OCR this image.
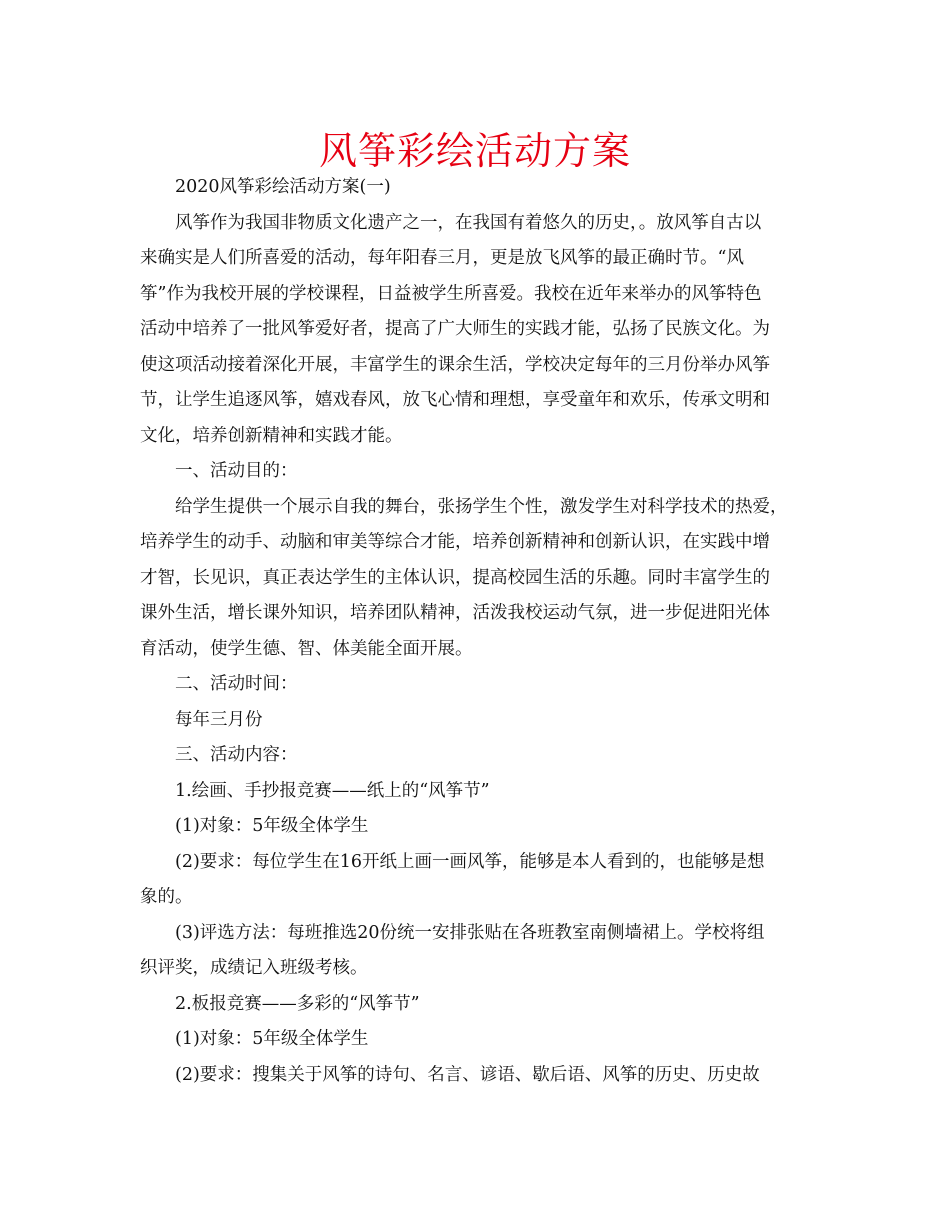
风筝彩绘活动方案

2020风筝彩绘活动方案(一)

风筝作为我国非物质文化遗产之一，在我国有着悠久的历史，。放风筝自古以
来确实是人们所喜爱的活动，每年阳春三月，更是放飞风筝的最正确时节。“风
筝”作为我校开展的学校课程，日益被学生所喜爱。我校在近年来举办的风筝特色
活动中培养了一批风筝爱好者，提高了广大师生的实践才能，弘扬了民族文化。为
使这项活动接着深化开展，丰富学生的课余生活，学校决定每年的三月份举办风筝
节，让学生追逐风筝，嬉戏春风，放飞心情和理想，享受童年和欢乐，传承文明和
文化，培养创新精神和实践才能。

一、活动目的：

给学生提供一个展示自我的舞台，张扬学生个性，激发学生对科学技术的热爱，
培养学生的动手、动脑和审美等综合才能，培养创新精神和创新认识，在实践中增
才智，长见识，真正表达学生的主体认识，提高校园生活的乐趣。同时丰富学生的
课外生活，增长课外知识，培养团队精神，活泼我校运动气氛，进一步促进阳光体
育活动，使学生德、智、体美能全面开展。

二、活动时间：

每年三月份

三、活动内容：

1.绘画、手抄报竞赛——纸上的“风筝节”

(1)对象：5年级全体学生

(2)要求：每位学生在16开纸上画一画风筝，能够是本人看到的，也能够是想
象的。

(3)评选方法：每班推选20份统一安排张贴在各班教室南侧墙裙上。学校将组
织评奖，成绩记入班级考核。

2.板报竞赛——多彩的“风筝节”

(1)对象：5年级全体学生

(2)要求：搜集关于风筝的诗句、名言、谚语、歇后语、风筝的历史、历史故
